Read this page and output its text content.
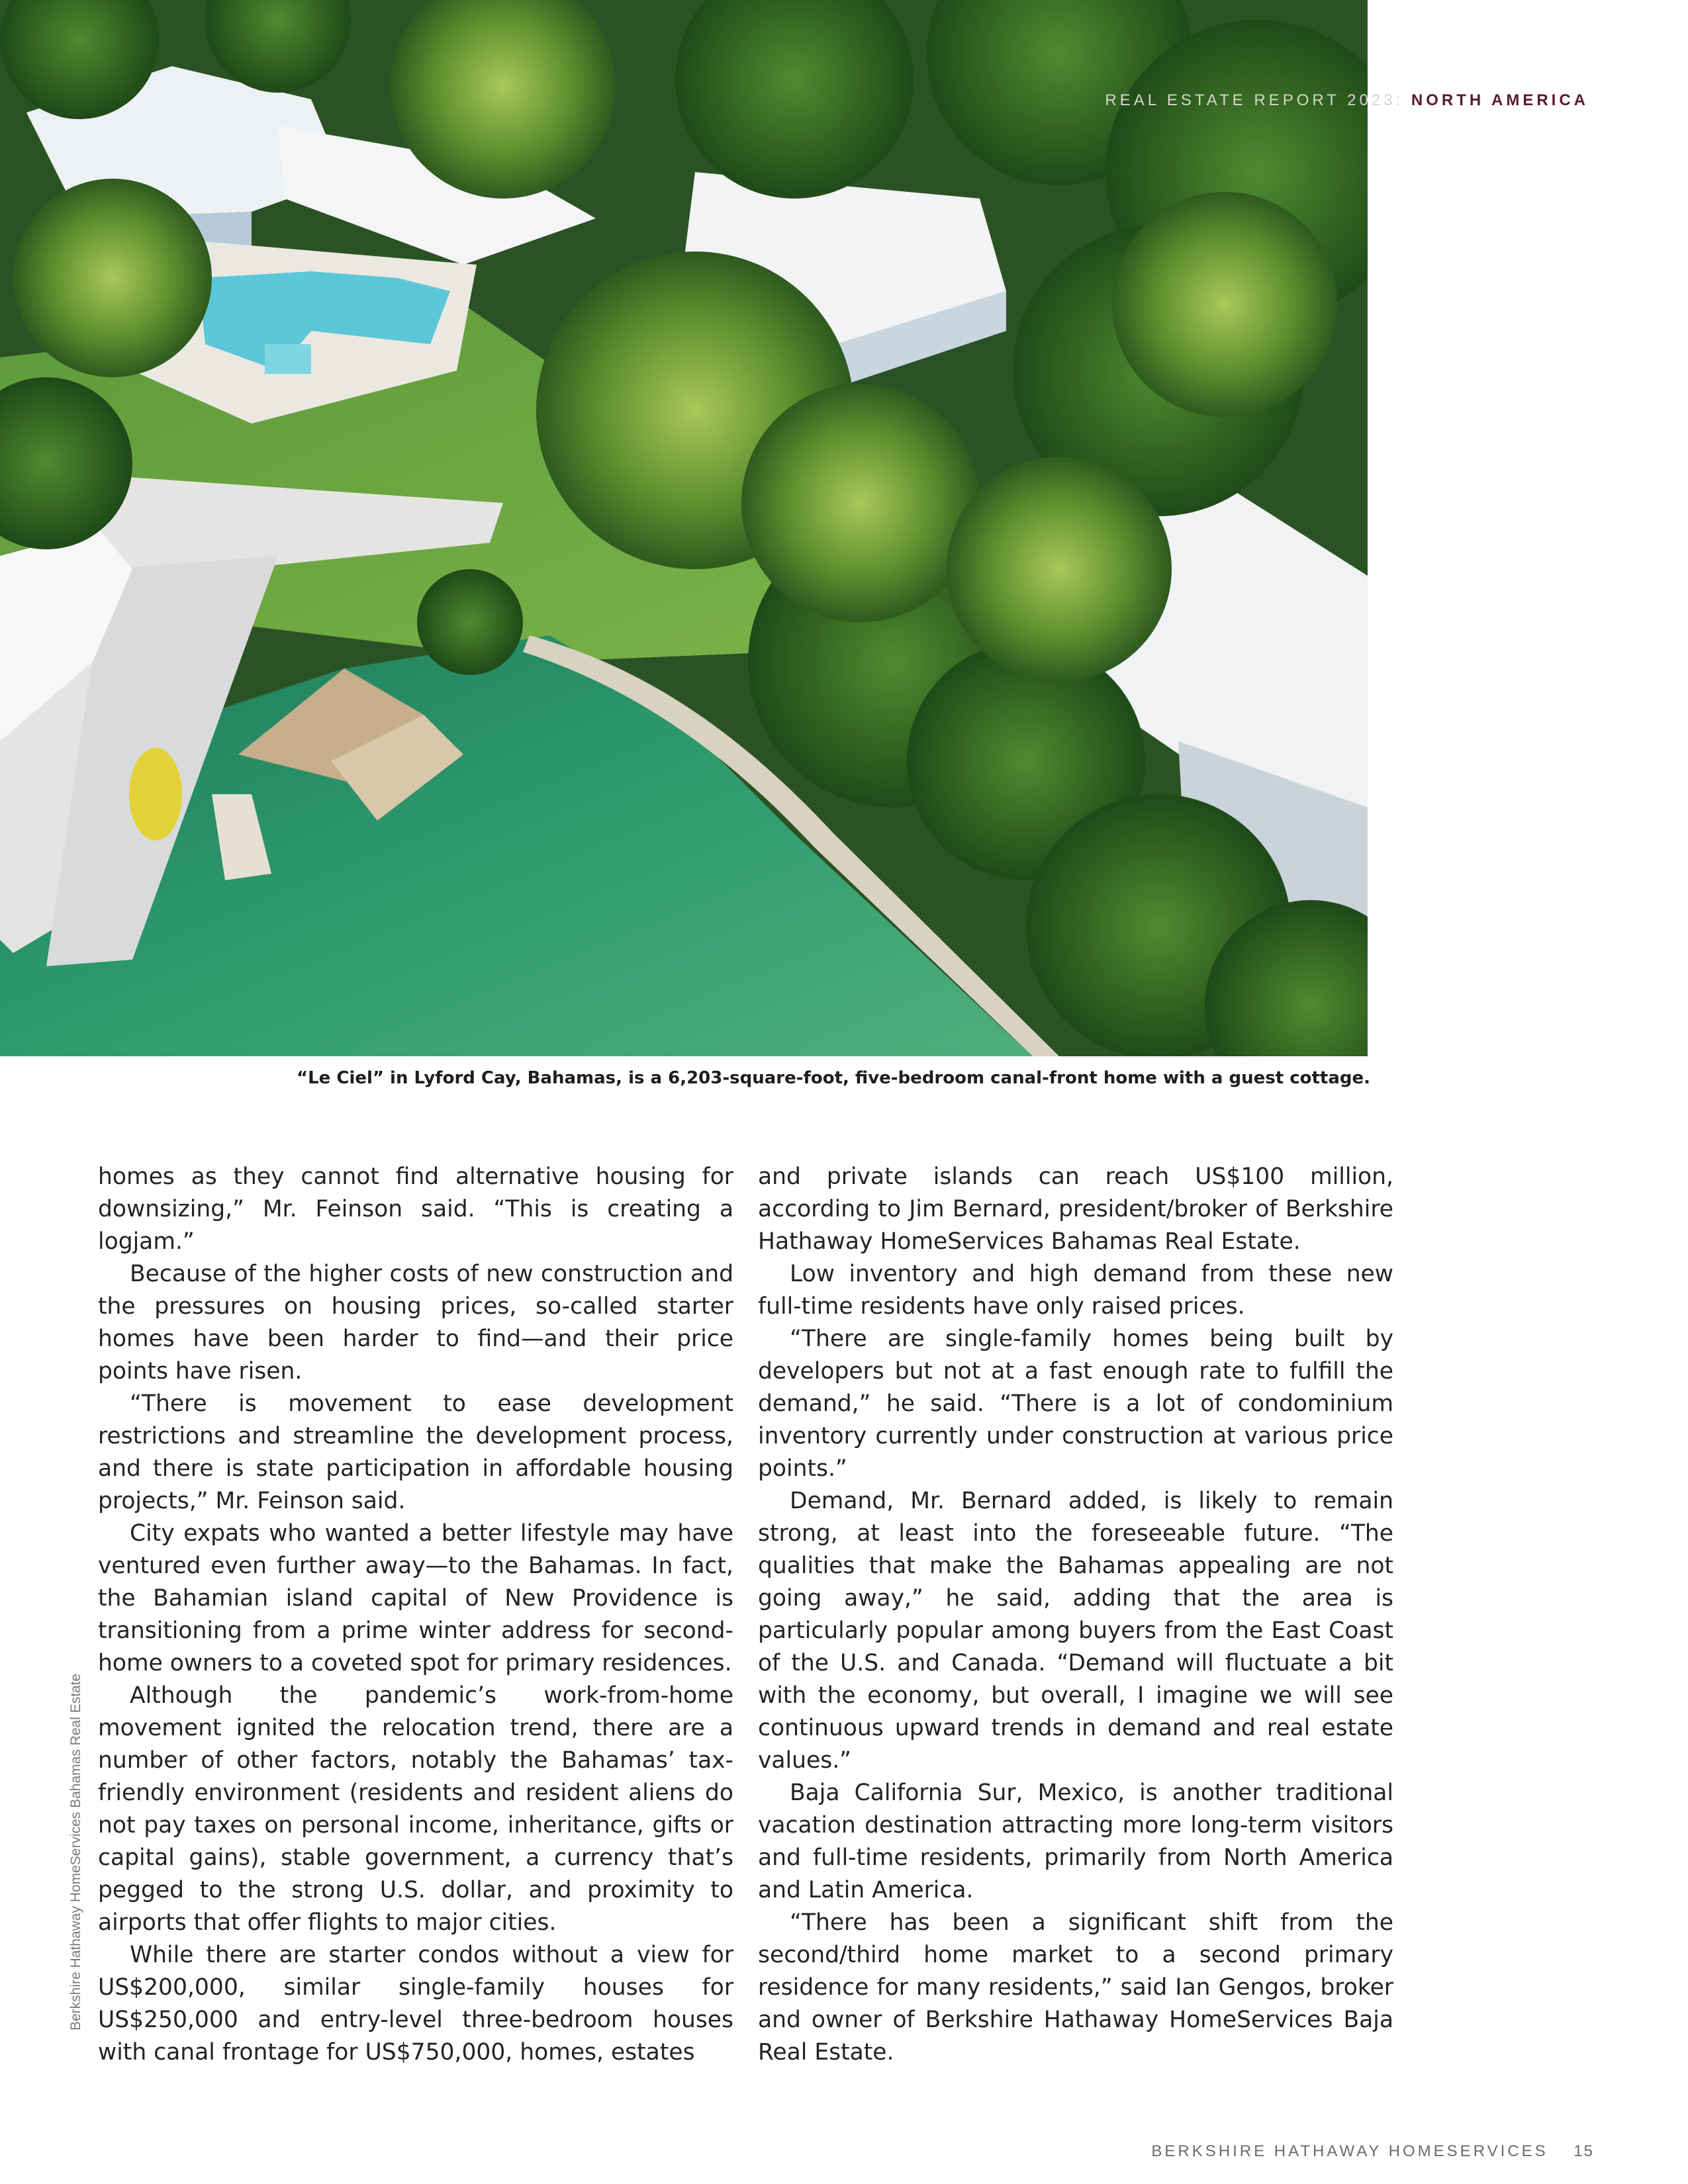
REAL ESTATE REPORT 2023: NORTH AMERICA
“Le Ciel” in Lyford Cay, Bahamas, is a 6,203-square-foot, five-bedroom canal-front home with a guest cottage.

homes as they cannot find alternative housing for downsizing,” Mr. Feinson said. “This is creating a logjam.”

Because of the higher costs of new construction and the pressures on housing prices, so-called starter homes have been harder to find—and their price points have risen.

“There is movement to ease development restrictions and streamline the development process, and there is state participation in affordable housing projects,” Mr. Feinson said.

City expats who wanted a better lifestyle may have ventured even further away—to the Bahamas. In fact, the Bahamian island capital of New Providence is transitioning from a prime winter address for second-home owners to a coveted spot for primary residences.

Although the pandemic’s work-from-home movement ignited the relocation trend, there are a number of other factors, notably the Bahamas’ tax-friendly environment (residents and resident aliens do not pay taxes on personal income, inheritance, gifts or capital gains), stable government, a currency that’s pegged to the strong U.S. dollar, and proximity to airports that offer flights to major cities.

While there are starter condos without a view for US$200,000, similar single-family houses for US$250,000 and entry-level three-bedroom houses with canal frontage for US$750,000, homes, estates

and private islands can reach US$100 million, according to Jim Bernard, president/broker of Berkshire Hathaway HomeServices Bahamas Real Estate.

Low inventory and high demand from these new full-time residents have only raised prices.

“There are single-family homes being built by developers but not at a fast enough rate to fulfill the demand,” he said. “There is a lot of condominium inventory currently under construction at various price points.”

Demand, Mr. Bernard added, is likely to remain strong, at least into the foreseeable future. “The qualities that make the Bahamas appealing are not going away,” he said, adding that the area is particularly popular among buyers from the East Coast of the U.S. and Canada. “Demand will fluctuate a bit with the economy, but overall, I imagine we will see continuous upward trends in demand and real estate values.”

Baja California Sur, Mexico, is another traditional vacation destination attracting more long-term visitors and full-time residents, primarily from North America and Latin America.

“There has been a significant shift from the second/third home market to a second primary residence for many residents,” said Ian Gengos, broker and owner of Berkshire Hathaway HomeServices Baja Real Estate.

Berkshire Hathaway HomeServices Bahamas Real Estate
BERKSHIRE HATHAWAY HOMESERVICES 15
